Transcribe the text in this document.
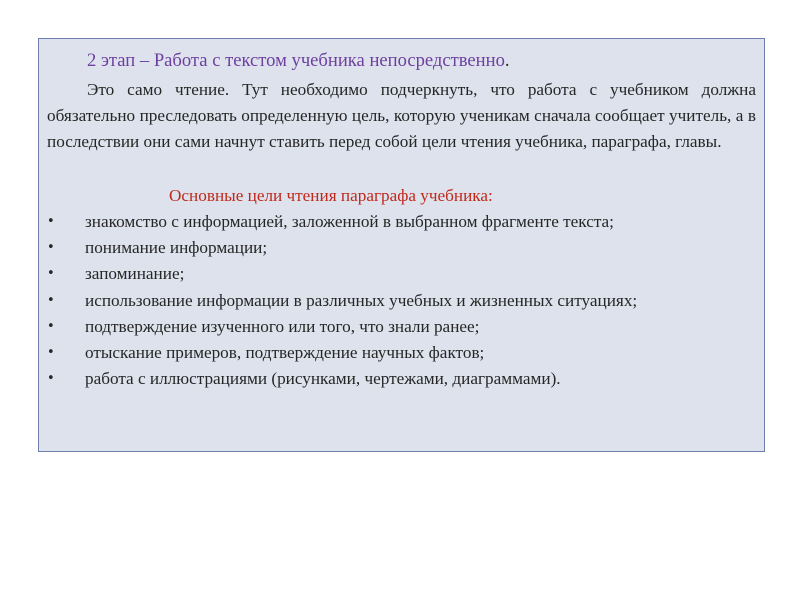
2 этап – Работа с текстом учебника непосредственно.

Это само чтение. Тут необходимо подчеркнуть, что работа с учебником должна обязательно преследовать определенную цель, которую ученикам сначала сообщает учитель, а в последствии они сами начнут ставить перед собой цели чтения учебника, параграфа, главы.

Основные цели чтения параграфа учебника:
• знакомство с информацией, заложенной в выбранном фрагменте текста;
• понимание информации;
• запоминание;
• использование информации в различных учебных и жизненных ситуациях;
• подтверждение изученного или того, что знали ранее;
• отыскание примеров, подтверждение научных фактов;
• работа с иллюстрациями (рисунками, чертежами, диаграммами).
